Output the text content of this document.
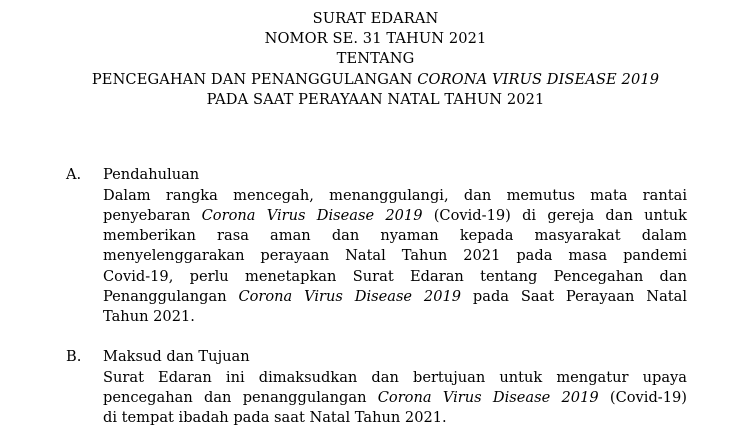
SURAT EDARAN
NOMOR SE. 31 TAHUN 2021
TENTANG
PENCEGAHAN DAN PENANGGULANGAN CORONA VIRUS DISEASE 2019
PADA SAAT PERAYAAN NATAL TAHUN 2021
A. Pendahuluan
Dalam rangka mencegah, menanggulangi, dan memutus mata rantai
penyebaran Corona Virus Disease 2019 (Covid-19) di gereja dan untuk
memberikan rasa aman dan nyaman kepada masyarakat dalam
menyelenggarakan perayaan Natal Tahun 2021 pada masa pandemi
Covid-19, perlu menetapkan Surat Edaran tentang Pencegahan dan
Penanggulangan Corona Virus Disease 2019 pada Saat Perayaan Natal
Tahun 2021.
B. Maksud dan Tujuan
Surat Edaran ini dimaksudkan dan bertujuan untuk mengatur upaya
pencegahan dan penanggulangan Corona Virus Disease 2019 (Covid-19)
di tempat ibadah pada saat Natal Tahun 2021.
